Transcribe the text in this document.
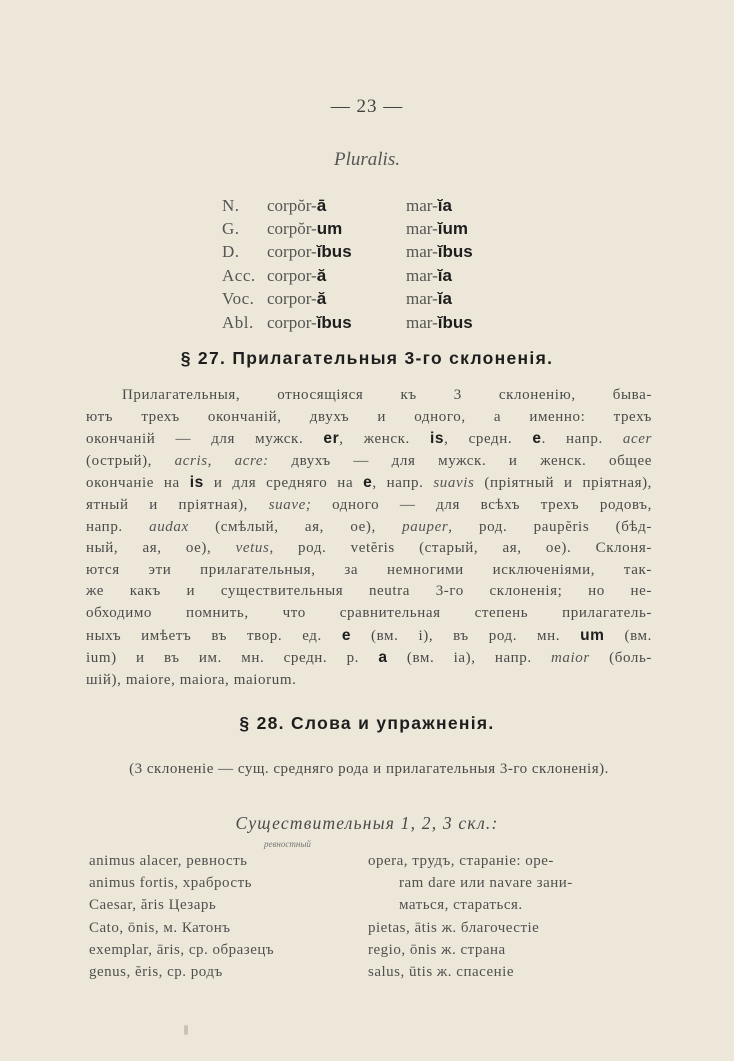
— 23 —
Pluralis.
N.	corpŏr-ā	mar-ĭa
G.	corpŏr-um	mar-ĭum
D.	corpor-ĭbus	mar-ĭbus
Acc.	corpor-ă	mar-ĭa
Voc.	corpor-ă	mar-ĭa
Abl.	corpor-ĭbus	mar-ĭbus
§ 27. Прилагательныя 3-го склоненія.
Прилагательныя, относящіяся къ 3 склоненію, быва-
ютъ трехъ окончаній, двухъ и одного, а именно: трехъ
окончаній — для мужск. er, женск. is, средн. е. напр. acer
(острый), acris, acre: двухъ — для мужск. и женск. общее
окончаніе на is и для средняго на е, напр. suavis (пріятный и пріятная),
ятный и пріятная), suave; одного — для всѣхъ трехъ родовъ,
напр. audax (смѣлый, ая, ое), pauper, род. paupĕris (бѣд-
ный, ая, ое), vetus, род. vetĕris (старый, ая, ое). Склоня-
ются эти прилагательныя, за немногими исключеніями, так-
же какъ и существительныя neutra 3-го склоненія; но не-
обходимо помнить, что сравнительная степень прилагатель-
ныхъ имѣетъ въ твор. ед. е (вм. i), въ род. мн. um (вм.
ium) и въ им. мн. средн. р. а (вм. ia), напр. maior (боль-
шій), maiore, maiora, maiorum.
§ 28. Слова и упражненія.
(3 склоненіе — сущ. средняго рода и прилагательныя 3-го склоненія).
Существительныя 1, 2, 3 скл.:
ревностный
animus alacer, ревность
animus fortis, храбрость
Caesar, ăris Цезарь
Cato, ōnis, м. Катонъ
exemplar, āris, ср. образецъ
genus, ĕris, ср. родъ
opera, трудъ, стараніе: ope-
ram dare или navare зани-
маться, стараться.
pietas, ātis ж. благочестіе
regio, ōnis ж. страна
salus, ūtis ж. спасеніе
